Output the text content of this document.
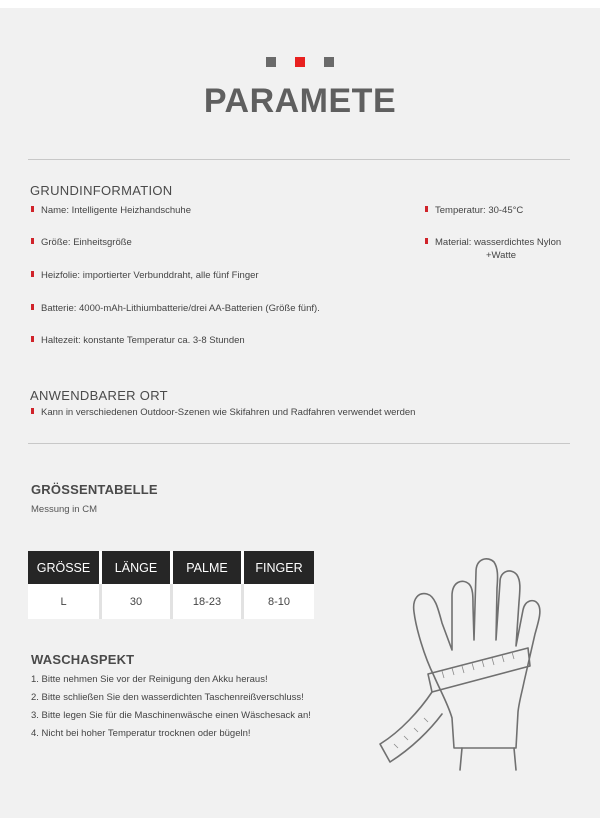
PARAMETE
GRUNDINFORMATION
Name: Intelligente Heizhandschuhe
Größe: Einheitsgröße
Heizfolie: importierter Verbunddraht, alle fünf Finger
Batterie: 4000-mAh-Lithiumbatterie/drei AA-Batterien (Größe fünf).
Haltezeit: konstante Temperatur ca. 3-8 Stunden
Temperatur: 30-45°C
Material: wasserdichtes Nylon
+Watte
ANWENDBARER ORT
Kann in verschiedenen Outdoor-Szenen wie Skifahren und Radfahren verwendet werden
GRÖSSENTABELLE
Messung in CM
GRÖSSE	LÄNGE	PALME	FINGER
L	30	18-23	8-10
WASCHASPEKT
1. Bitte nehmen Sie vor der Reinigung den Akku heraus!
2. Bitte schließen Sie den wasserdichten Taschenreißverschluss!
3. Bitte legen Sie für die Maschinenwäsche einen Wäschesack an!
4. Nicht bei hoher Temperatur trocknen oder bügeln!
